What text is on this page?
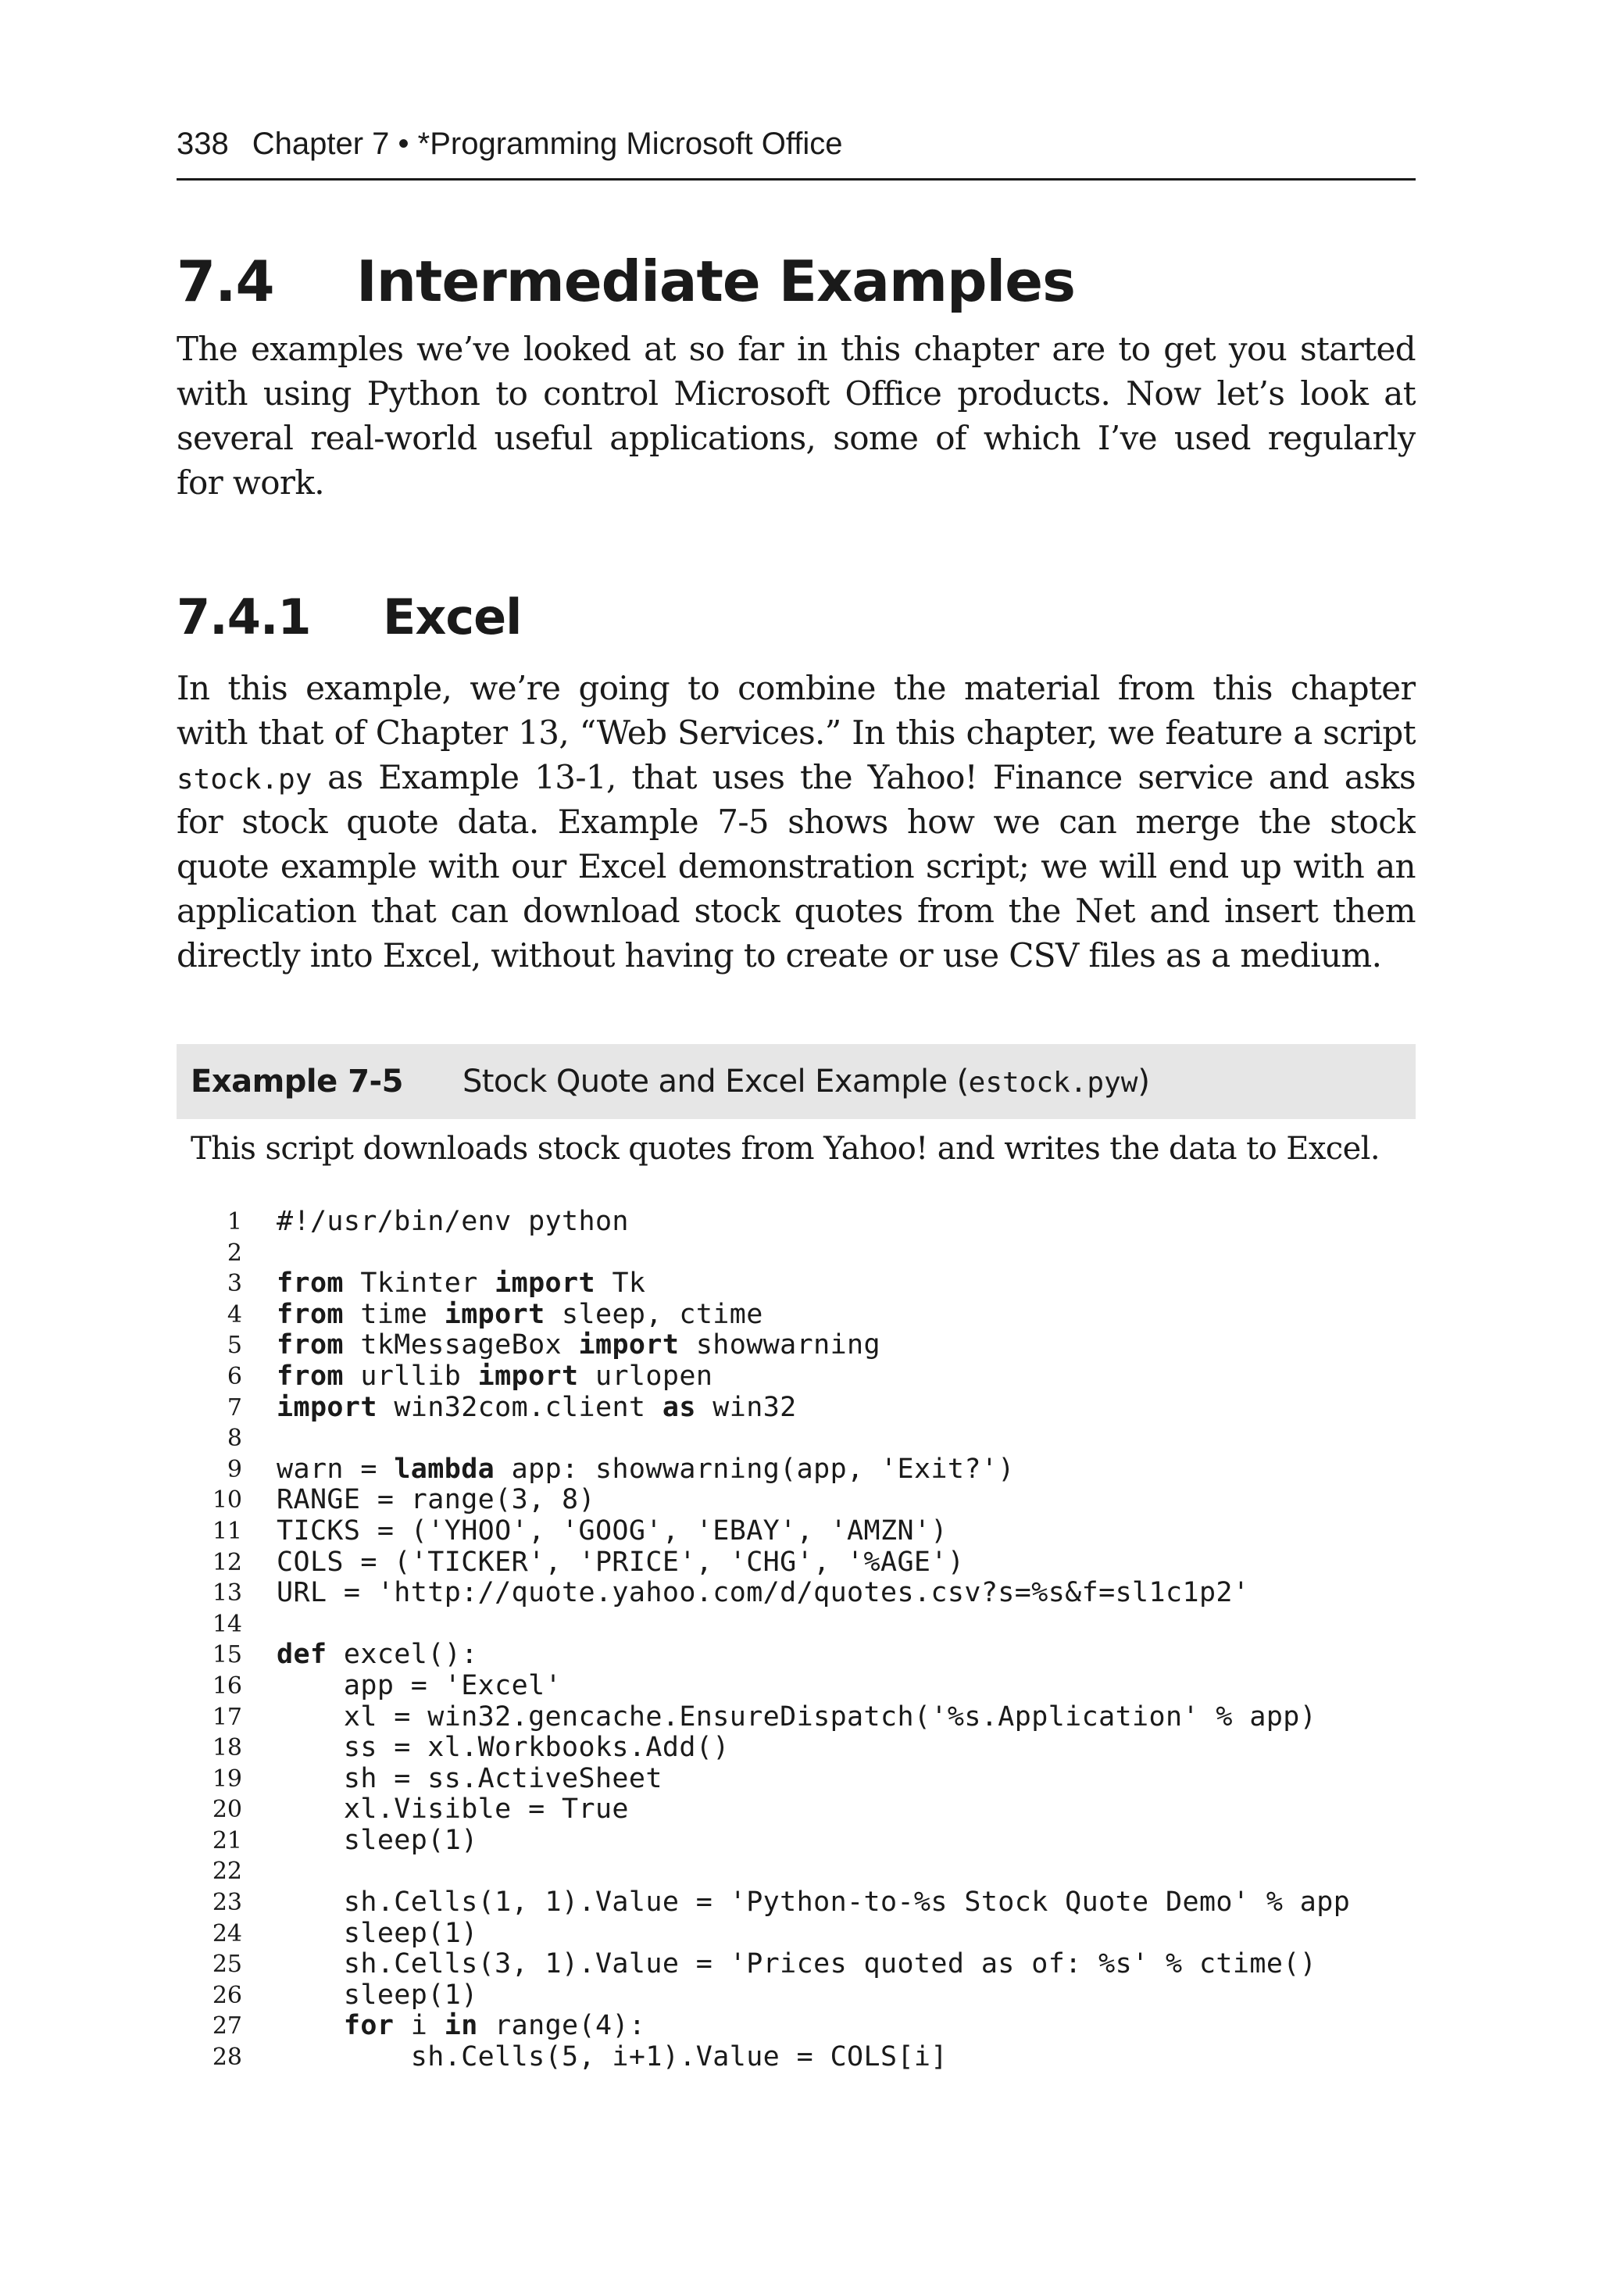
338 Chapter 7 • *Programming Microsoft Office
7.4 Intermediate Examples
The examples we’ve looked at so far in this chapter are to get you started
with using Python to control Microsoft Office products. Now let’s look at
several real-world useful applications, some of which I’ve used regularly
for work.
7.4.1 Excel
In this example, we’re going to combine the material from this chapter
with that of Chapter 13, “Web Services.” In this chapter, we feature a script
stock.py as Example 13-1, that uses the Yahoo! Finance service and asks
for stock quote data. Example 7-5 shows how we can merge the stock
quote example with our Excel demonstration script; we will end up with an
application that can download stock quotes from the Net and insert them
directly into Excel, without having to create or use CSV files as a medium.
Example 7-5 Stock Quote and Excel Example (estock.pyw)
This script downloads stock quotes from Yahoo! and writes the data to Excel.
1 #!/usr/bin/env python
2
3 from Tkinter import Tk
4 from time import sleep, ctime
5 from tkMessageBox import showwarning
6 from urllib import urlopen
7 import win32com.client as win32
8
9 warn = lambda app: showwarning(app, 'Exit?')
10 RANGE = range(3, 8)
11 TICKS = ('YHOO', 'GOOG', 'EBAY', 'AMZN')
12 COLS = ('TICKER', 'PRICE', 'CHG', '%AGE')
13 URL = 'http://quote.yahoo.com/d/quotes.csv?s=%s&f=sl1c1p2'
14
15 def excel():
16 app = 'Excel'
17 xl = win32.gencache.EnsureDispatch('%s.Application' % app)
18 ss = xl.Workbooks.Add()
19 sh = ss.ActiveSheet
20 xl.Visible = True
21 sleep(1)
22
23 sh.Cells(1, 1).Value = 'Python-to-%s Stock Quote Demo' % app
24 sleep(1)
25 sh.Cells(3, 1).Value = 'Prices quoted as of: %s' % ctime()
26 sleep(1)
27	for i in range(4):
28 sh.Cells(5, i+1).Value = COLS[i]
